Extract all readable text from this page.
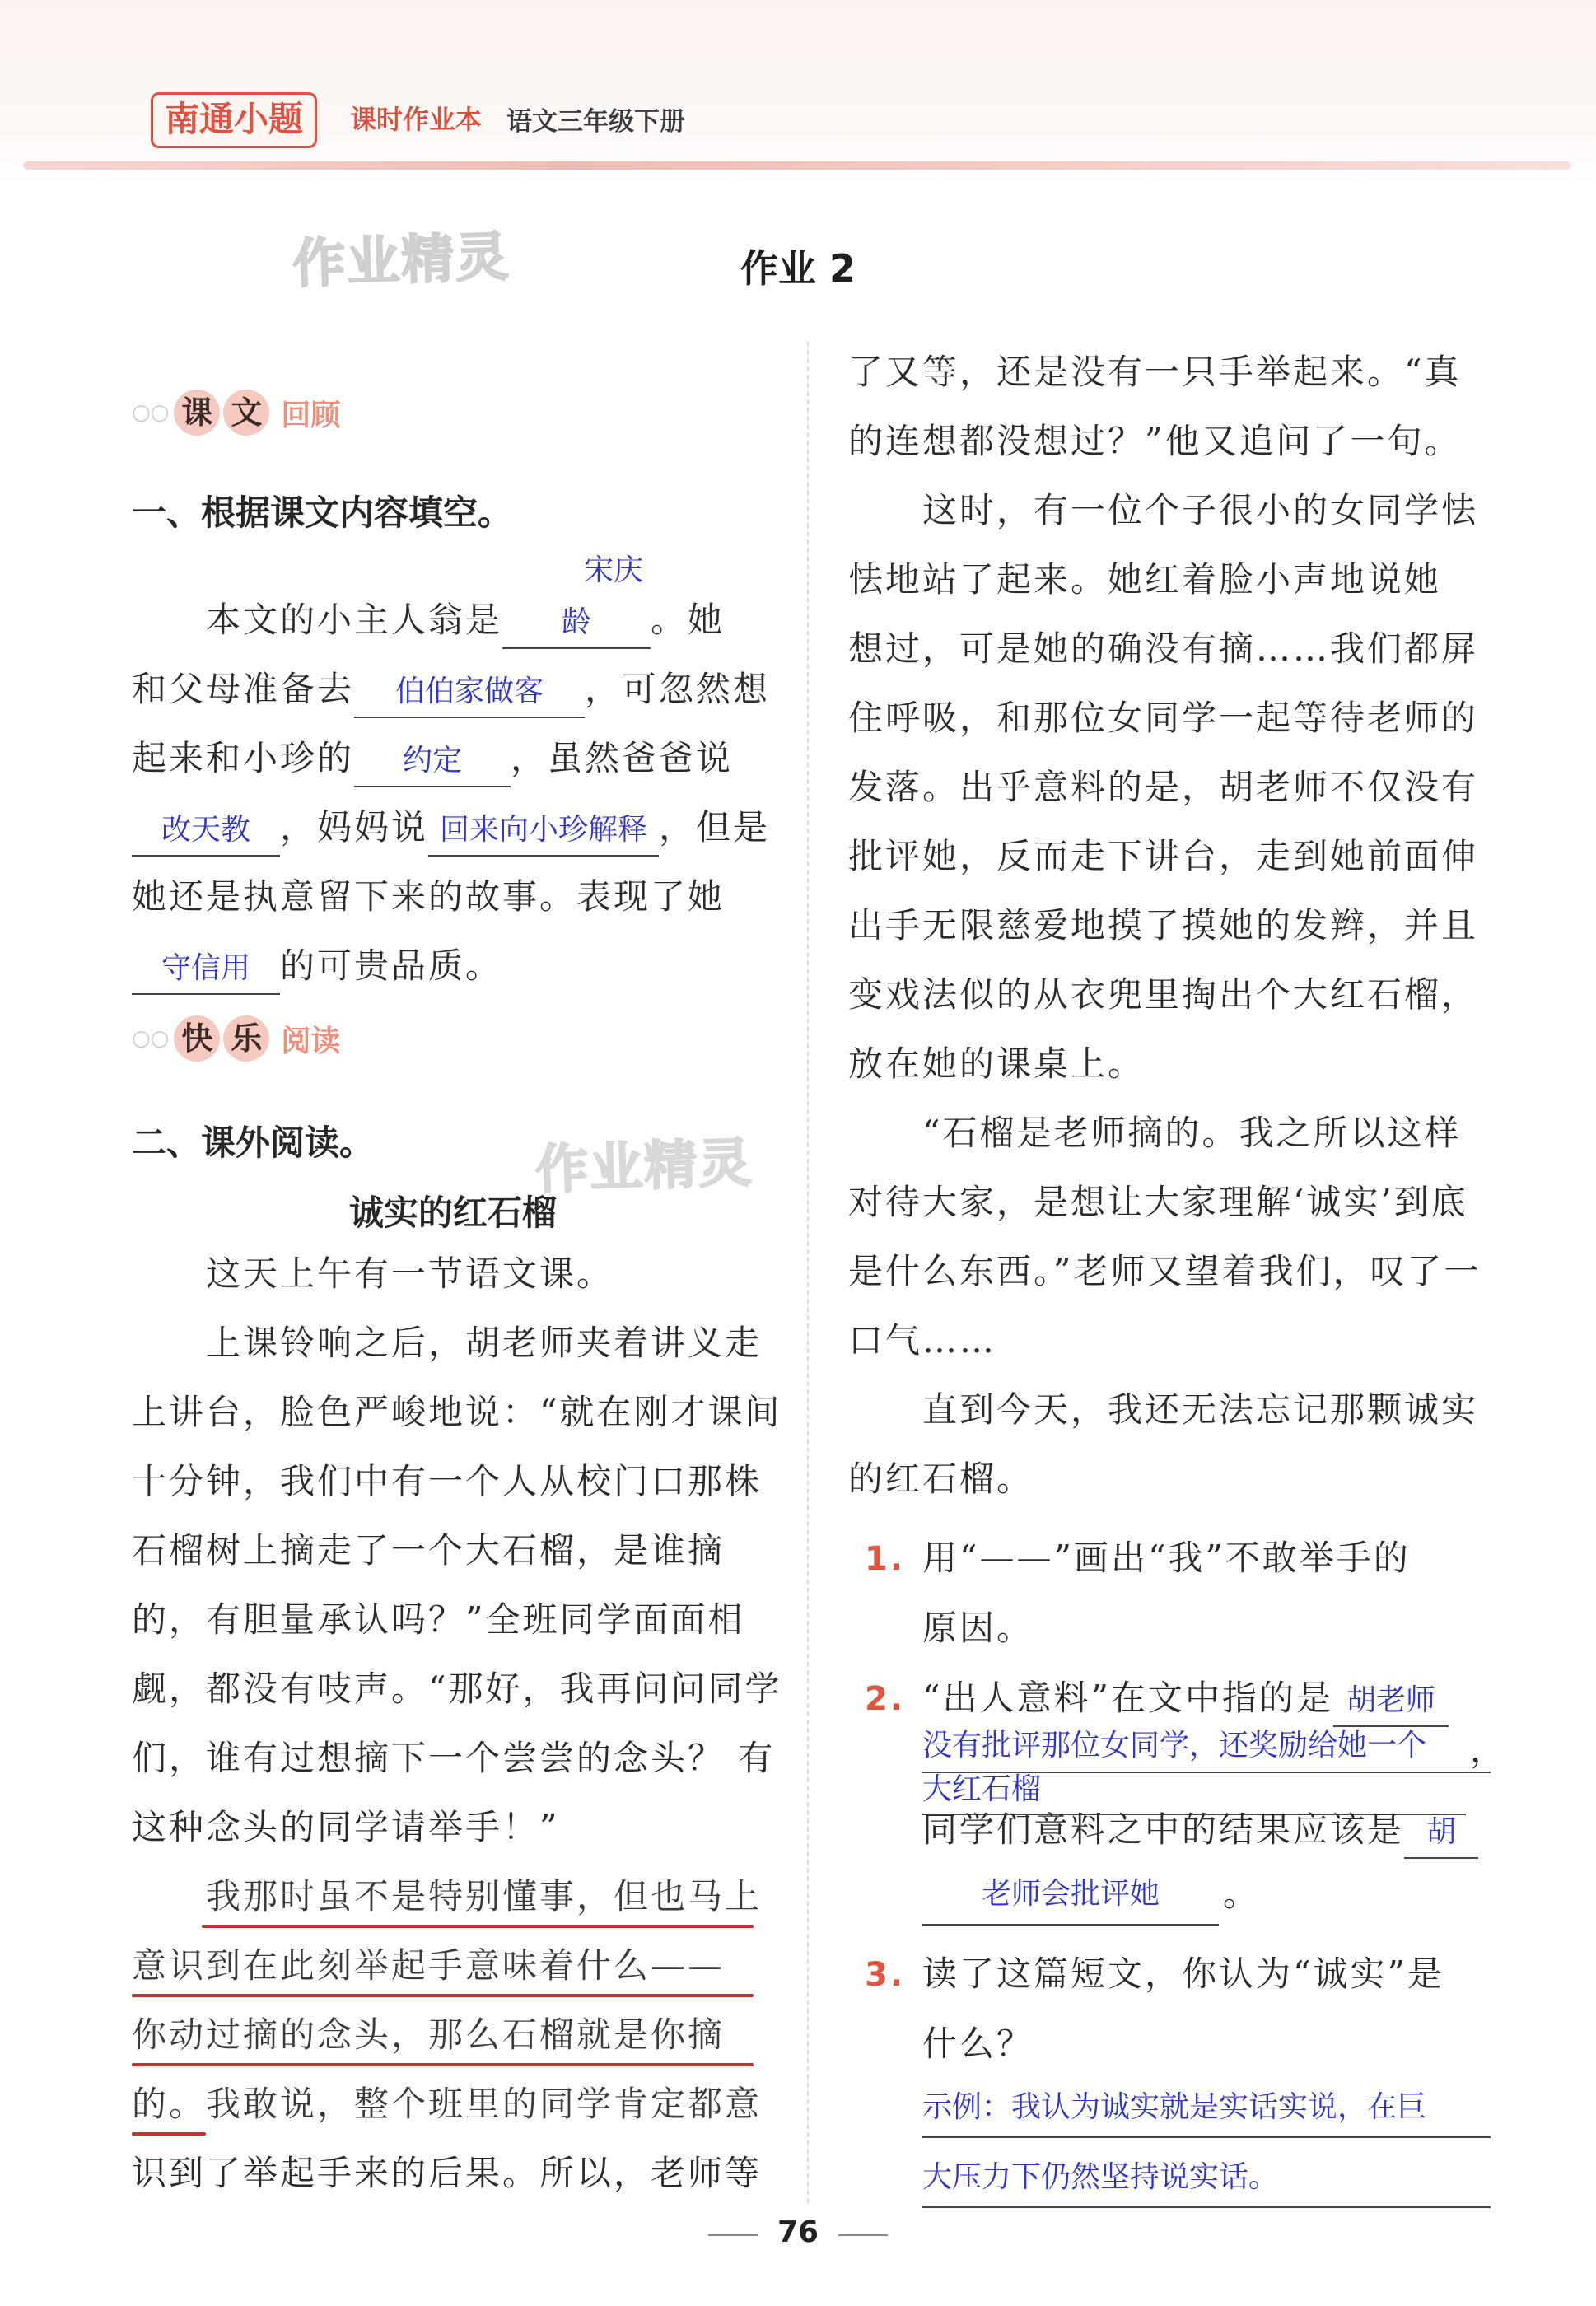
南通小题	课时作业本 语文三年级下册
作业精灵
作业精灵
作业 2
○○ 课 文 回顾
一、根据课文内容填空。
本文的小主人翁是宋庆龄 。她
和父母准备去 伯伯家做客 ，可忽然想
起来和小珍的 约定 ，虽然爸爸说
改天教 ，妈妈说 回来向小珍解释 ，但是
她还是执意留下来的故事。表现了她
守信用 的可贵品质。
○○ 快 乐 阅读
二、课外阅读。
诚实的红石榴
这天上午有一节语文课。
上课铃响之后，胡老师夹着讲义走
上讲台，脸色严峻地说：“就在刚才课间
十分钟，我们中有一个人从校门口那株
石榴树上摘走了一个大石榴，是谁摘
的，有胆量承认吗？”全班同学面面相
觑，都没有吱声。“那好，我再问问同学
们，谁有过想摘下一个尝尝的念头？ 有
这种念头的同学请举手！”
我那时虽不是特别懂事，但也马上
意识到在此刻举起手意味着什么——
你动过摘的念头，那么石榴就是你摘
的。我敢说，整个班里的同学肯定都意
识到了举起手来的后果。所以，老师等
了又等，还是没有一只手举起来。“真
的连想都没想过？”他又追问了一句。
这时，有一位个子很小的女同学怯
怯地站了起来。她红着脸小声地说她
想过，可是她的确没有摘……我们都屏
住呼吸，和那位女同学一起等待老师的
发落。出乎意料的是，胡老师不仅没有
批评她，反而走下讲台，走到她前面伸
出手无限慈爱地摸了摸她的发辫，并且
变戏法似的从衣兜里掏出个大红石榴，
放在她的课桌上。
“石榴是老师摘的。我之所以这样
对待大家，是想让大家理解‘诚实’到底
是什么东西。”老师又望着我们，叹了一
口气……
直到今天，我还无法忘记那颗诚实
的红石榴。
1. 用“——”画出“我”不敢举手的
原因。
2. “出人意料”在文中指的是 胡老师
没有批评那位女同学，还奖励给她一个	，
大红石榴
同学们意料之中的结果应该是 胡
老师会批评她	。
3. 读了这篇短文，你认为“诚实”是
什么？
示例：我认为诚实就是实话实说，在巨
大压力下仍然坚持说实话。
76
